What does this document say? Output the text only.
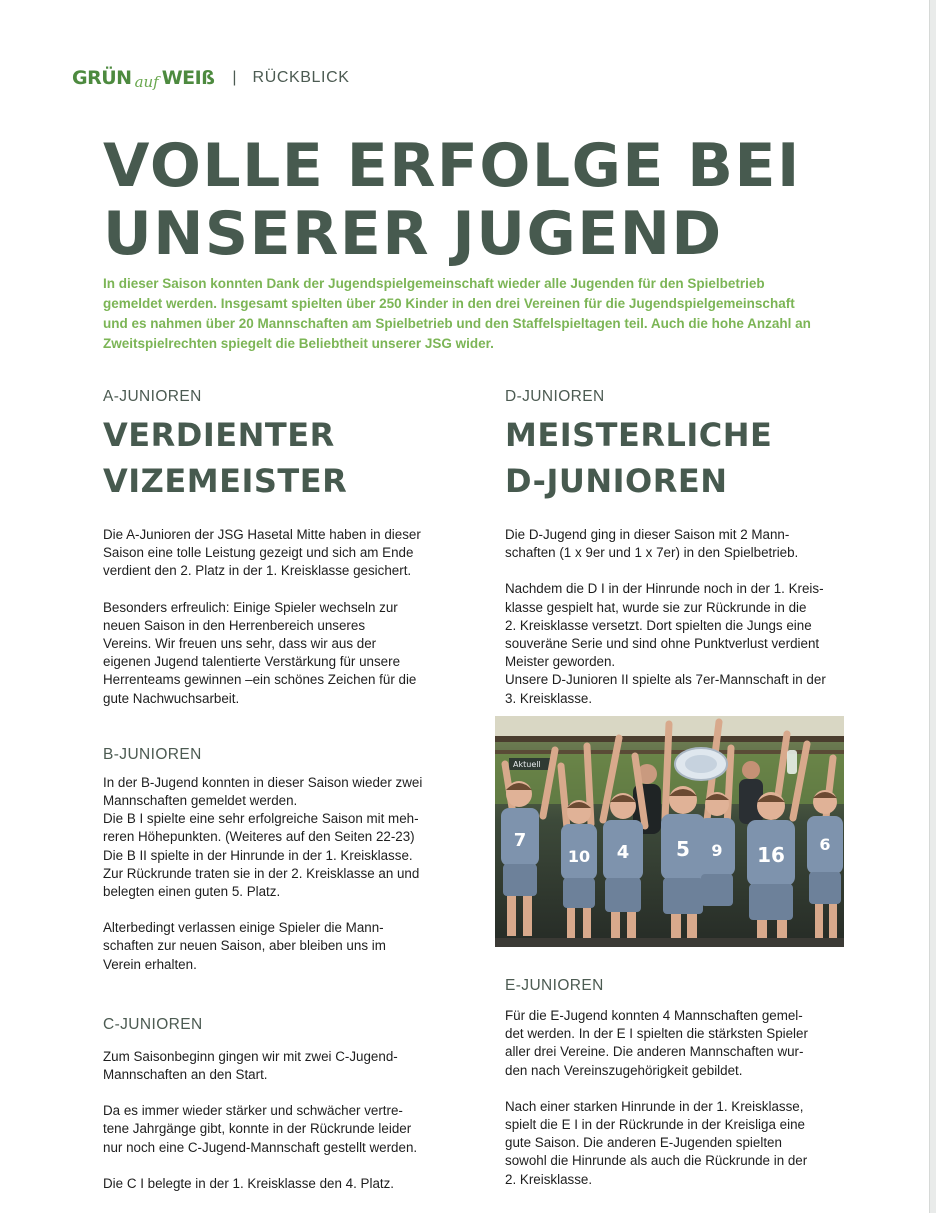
GRÜN auf WEIß | RÜCKBLICK
VOLLE ERFOLGE BEI
UNSERER JUGEND
In dieser Saison konnten Dank der Jugendspielgemeinschaft wieder alle Jugenden für den Spielbetrieb
gemeldet werden. Insgesamt spielten über 250 Kinder in den drei Vereinen für die Jugendspielgemeinschaft
und es nahmen über 20 Mannschaften am Spielbetrieb und den Staffelspieltagen teil. Auch die hohe Anzahl an
Zweitspielrechten spiegelt die Beliebtheit unserer JSG wider.
A-JUNIOREN
VERDIENTER
VIZEMEISTER
Die A-Junioren der JSG Hasetal Mitte haben in dieser
Saison eine tolle Leistung gezeigt und sich am Ende
verdient den 2. Platz in der 1. Kreisklasse gesichert.
Besonders erfreulich: Einige Spieler wechseln zur
neuen Saison in den Herrenbereich unseres
Vereins. Wir freuen uns sehr, dass wir aus der
eigenen Jugend talentierte Verstärkung für unsere
Herrenteams gewinnen –ein schönes Zeichen für die
gute Nachwuchsarbeit.
B-JUNIOREN
In der B-Jugend konnten in dieser Saison wieder zwei
Mannschaften gemeldet werden.
Die B I spielte eine sehr erfolgreiche Saison mit meh-
reren Höhepunkten. (Weiteres auf den Seiten 22-23)
Die B II spielte in der Hinrunde in der 1. Kreisklasse.
Zur Rückrunde traten sie in der 2. Kreisklasse an und
belegten einen guten 5. Platz.
Alterbedingt verlassen einige Spieler die Mann-
schaften zur neuen Saison, aber bleiben uns im
Verein erhalten.
C-JUNIOREN
Zum Saisonbeginn gingen wir mit zwei C-Jugend-
Mannschaften an den Start.
Da es immer wieder stärker und schwächer vertre-
tene Jahrgänge gibt, konnte in der Rückrunde leider
nur noch eine C-Jugend-Mannschaft gestellt werden.
Die C I belegte in der 1. Kreisklasse den 4. Platz.
D-JUNIOREN
MEISTERLICHE
D-JUNIOREN
Die D-Jugend ging in dieser Saison mit 2 Mann-
schaften (1 x 9er und 1 x 7er) in den Spielbetrieb.
Nachdem die D I in der Hinrunde noch in der 1. Kreis-
klasse gespielt hat, wurde sie zur Rückrunde in die
2. Kreisklasse versetzt. Dort spielten die Jungs eine
souveräne Serie und sind ohne Punktverlust verdient
Meister geworden.
Unsere D-Junioren II spielte als 7er-Mannschaft in der
3. Kreisklasse.
Aktuell
7
10 4 5 9 16 6
E-JUNIOREN
Für die E-Jugend konnten 4 Mannschaften gemel-
det werden. In der E I spielten die stärksten Spieler
aller drei Vereine. Die anderen Mannschaften wur-
den nach Vereinszugehörigkeit gebildet.
Nach einer starken Hinrunde in der 1. Kreisklasse,
spielt die E I in der Rückrunde in der Kreisliga eine
gute Saison. Die anderen E-Jugenden spielten
sowohl die Hinrunde als auch die Rückrunde in der
2. Kreisklasse.
